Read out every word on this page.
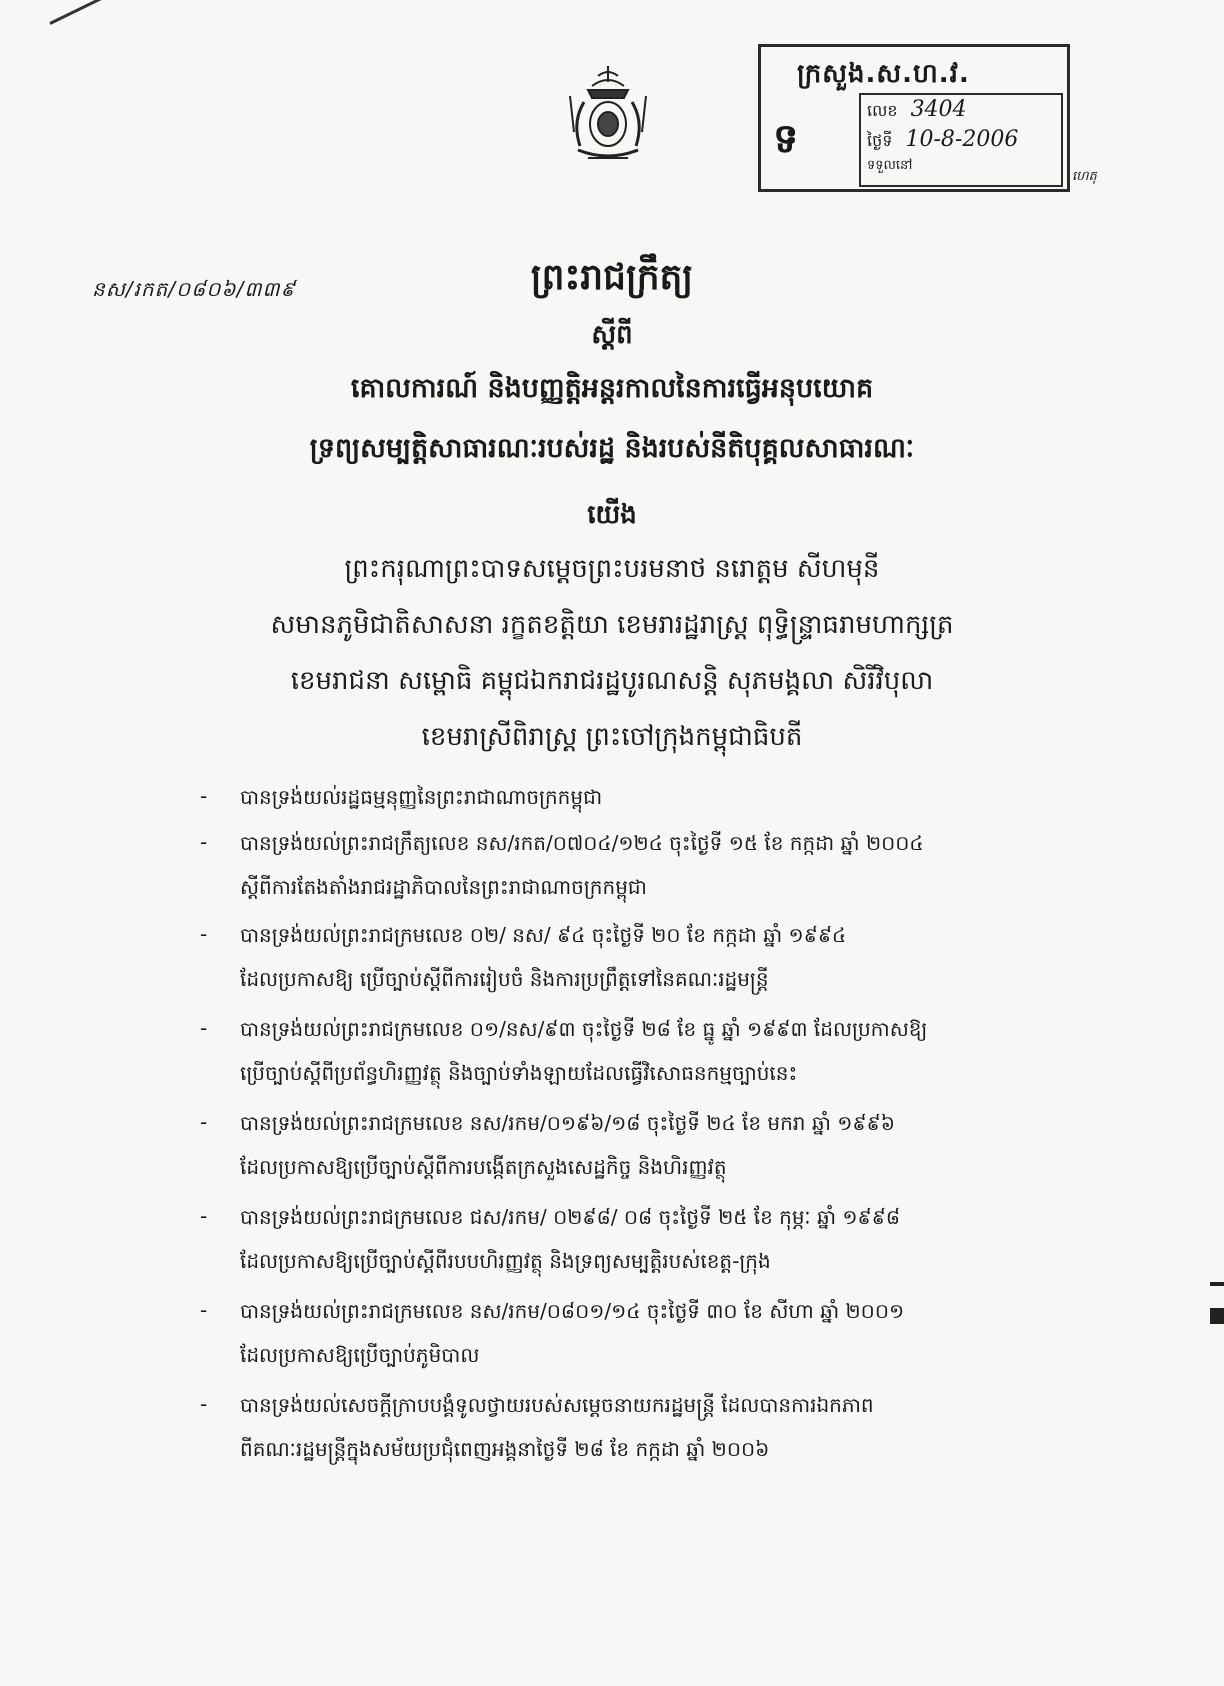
ក្រសួង.ស.ហ.វ.
ទ
លេខ 3404
ថ្ងៃទី 10-8-2006
ទទួលនៅ
ហេតុ
នស/រកត/០៨០៦/៣៣៩	ព្រះរាជក្រឹត្យ
ស្តីពី
គោលការណ៍ និងបញ្ញត្តិអន្តរកាលនៃការធ្វើអនុបយោគ
ទ្រព្យសម្បត្តិសាធារណៈរបស់រដ្ឋ និងរបស់នីតិបុគ្គលសាធារណៈ
យើង
ព្រះករុណាព្រះបាទសម្តេចព្រះបរមនាថ នរោត្តម សីហមុនី
សមានភូមិជាតិសាសនា រក្ខតខត្តិយា ខេមរារដ្ឋរាស្ត្រ ពុទ្ធិន្ទ្រាធរាមហាក្សត្រ
ខេមរាជនា សម្ពោធិ គម្ពុជឯករាជរដ្ឋបូរណសន្តិ សុភមង្គលា សិរីវិបុលា
ខេមរាស្រីពិរាស្ត្រ ព្រះចៅក្រុងកម្ពុជាធិបតី
- បានទ្រង់យល់រដ្ឋធម្មនុញ្ញនៃព្រះរាជាណាចក្រកម្ពុជា
- បានទ្រង់យល់ព្រះរាជក្រឹត្យលេខ នស/រកត/០៧០៤/១២៤ ចុះថ្ងៃទី ១៥ ខែ កក្កដា ឆ្នាំ ២០០៤
ស្តីពីការតែងតាំងរាជរដ្ឋាភិបាលនៃព្រះរាជាណាចក្រកម្ពុជា
- បានទ្រង់យល់ព្រះរាជក្រមលេខ ០២/ នស/ ៩៤ ចុះថ្ងៃទី ២០ ខែ កក្កដា ឆ្នាំ ១៩៩៤
ដែលប្រកាសឱ្យ ប្រើច្បាប់ស្តីពីការរៀបចំ និងការប្រព្រឹត្តទៅនៃគណៈរដ្ឋមន្ត្រី
- បានទ្រង់យល់ព្រះរាជក្រមលេខ ០១/នស/៩៣ ចុះថ្ងៃទី ២៨ ខែ ធ្នូ ឆ្នាំ ១៩៩៣ ដែលប្រកាសឱ្យ
ប្រើច្បាប់ស្តីពីប្រព័ន្ធហិរញ្ញវត្ថុ និងច្បាប់ទាំងឡាយដែលធ្វើវិសោធនកម្មច្បាប់នេះ
- បានទ្រង់យល់ព្រះរាជក្រមលេខ នស/រកម/០១៩៦/១៨ ចុះថ្ងៃទី ២៤ ខែ មករា ឆ្នាំ ១៩៩៦
ដែលប្រកាសឱ្យប្រើច្បាប់ស្តីពីការបង្កើតក្រសួងសេដ្ឋកិច្ច និងហិរញ្ញវត្ថុ
- បានទ្រង់យល់ព្រះរាជក្រមលេខ ជស/រកម/ ០២៩៨/ ០៨ ចុះថ្ងៃទី ២៥ ខែ កុម្ភៈ ឆ្នាំ ១៩៩៨
ដែលប្រកាសឱ្យប្រើច្បាប់ស្តីពីរបបហិរញ្ញវត្ថុ និងទ្រព្យសម្បត្តិរបស់ខេត្ត-ក្រុង
- បានទ្រង់យល់ព្រះរាជក្រមលេខ នស/រកម/០៨០១/១៤ ចុះថ្ងៃទី ៣០ ខែ សីហា ឆ្នាំ ២០០១
ដែលប្រកាសឱ្យប្រើច្បាប់ភូមិបាល
- បានទ្រង់យល់សេចក្តីក្រាបបង្គំទូលថ្វាយរបស់សម្តេចនាយករដ្ឋមន្ត្រី ដែលបានការឯកភាព
ពីគណៈរដ្ឋមន្ត្រីក្នុងសម័យប្រជុំពេញអង្គនាថ្ងៃទី ២៨ ខែ កក្កដា ឆ្នាំ ២០០៦
